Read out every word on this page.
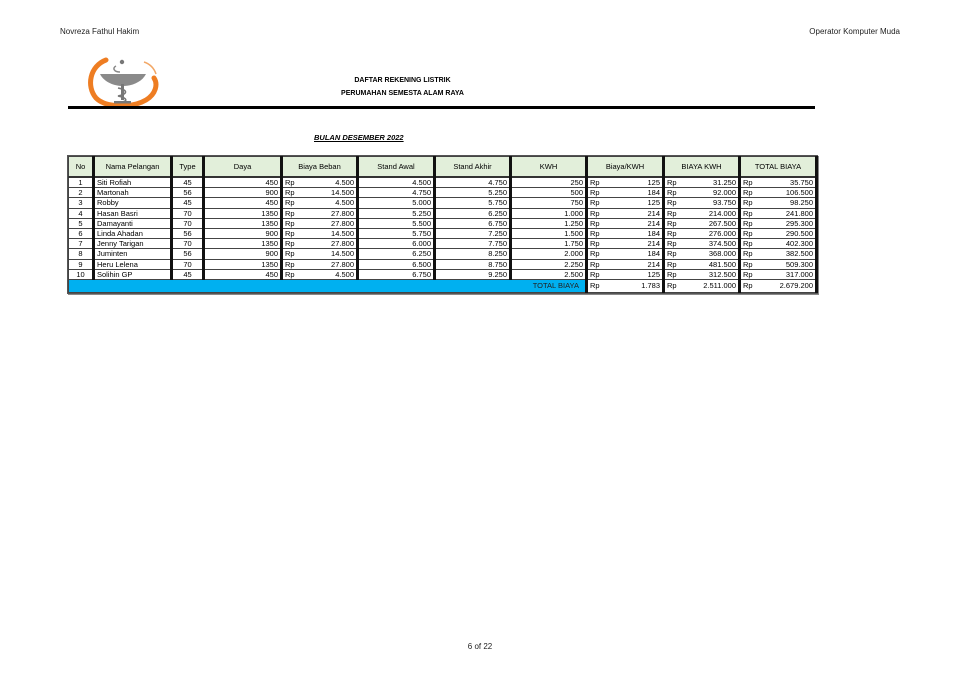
Novreza Fathul Hakim	Operator Komputer Muda
DAFTAR REKENING LISTRIK
PERUMAHAN SEMESTA ALAM RAYA
BULAN DESEMBER 2022
No	Nama Pelangan	Type	Daya	Biaya Beban	Stand Awal	Stand Akhir	KWH	Biaya/KWH	BIAYA KWH	TOTAL BIAYA
1	Siti Rofiah	45	450	Rp 4.500	4.500	4.750	250	Rp 125	Rp 31.250	Rp 35.750

2	Martonah	56	900	Rp 14.500	4.750	5.250	500	Rp 184	Rp 92.000	Rp 106.500

3	Robby	45	450	Rp 4.500	5.000	5.750	750	Rp 125	Rp 93.750	Rp 98.250

4	Hasan Basri	70	1350	Rp 27.800	5.250	6.250	1.000	Rp 214	Rp 214.000	Rp 241.800

5	Damayanti	70	1350	Rp 27.800	5.500	6.750	1.250	Rp 214	Rp 267.500	Rp 295.300

6	Linda Ahadan	56	900	Rp 14.500	5.750	7.250	1.500	Rp 184	Rp 276.000	Rp 290.500

7	Jenny Tarigan	70	1350	Rp 27.800	6.000	7.750	1.750	Rp 214	Rp 374.500	Rp 402.300

8	Juminten	56	900	Rp 14.500	6.250	8.250	2.000	Rp 184	Rp 368.000	Rp 382.500

9	Heru Lelena	70	1350	Rp 27.800	6.500	8.750	2.250	Rp 214	Rp 481.500	Rp 509.300

10	Solihin GP	45	450	Rp 4.500	6.750	9.250	2.500	Rp 125	Rp 312.500	Rp 317.000

TOTAL BIAYA								Rp 1.783	Rp 2.511.000	Rp 2.679.200
6 of 22
